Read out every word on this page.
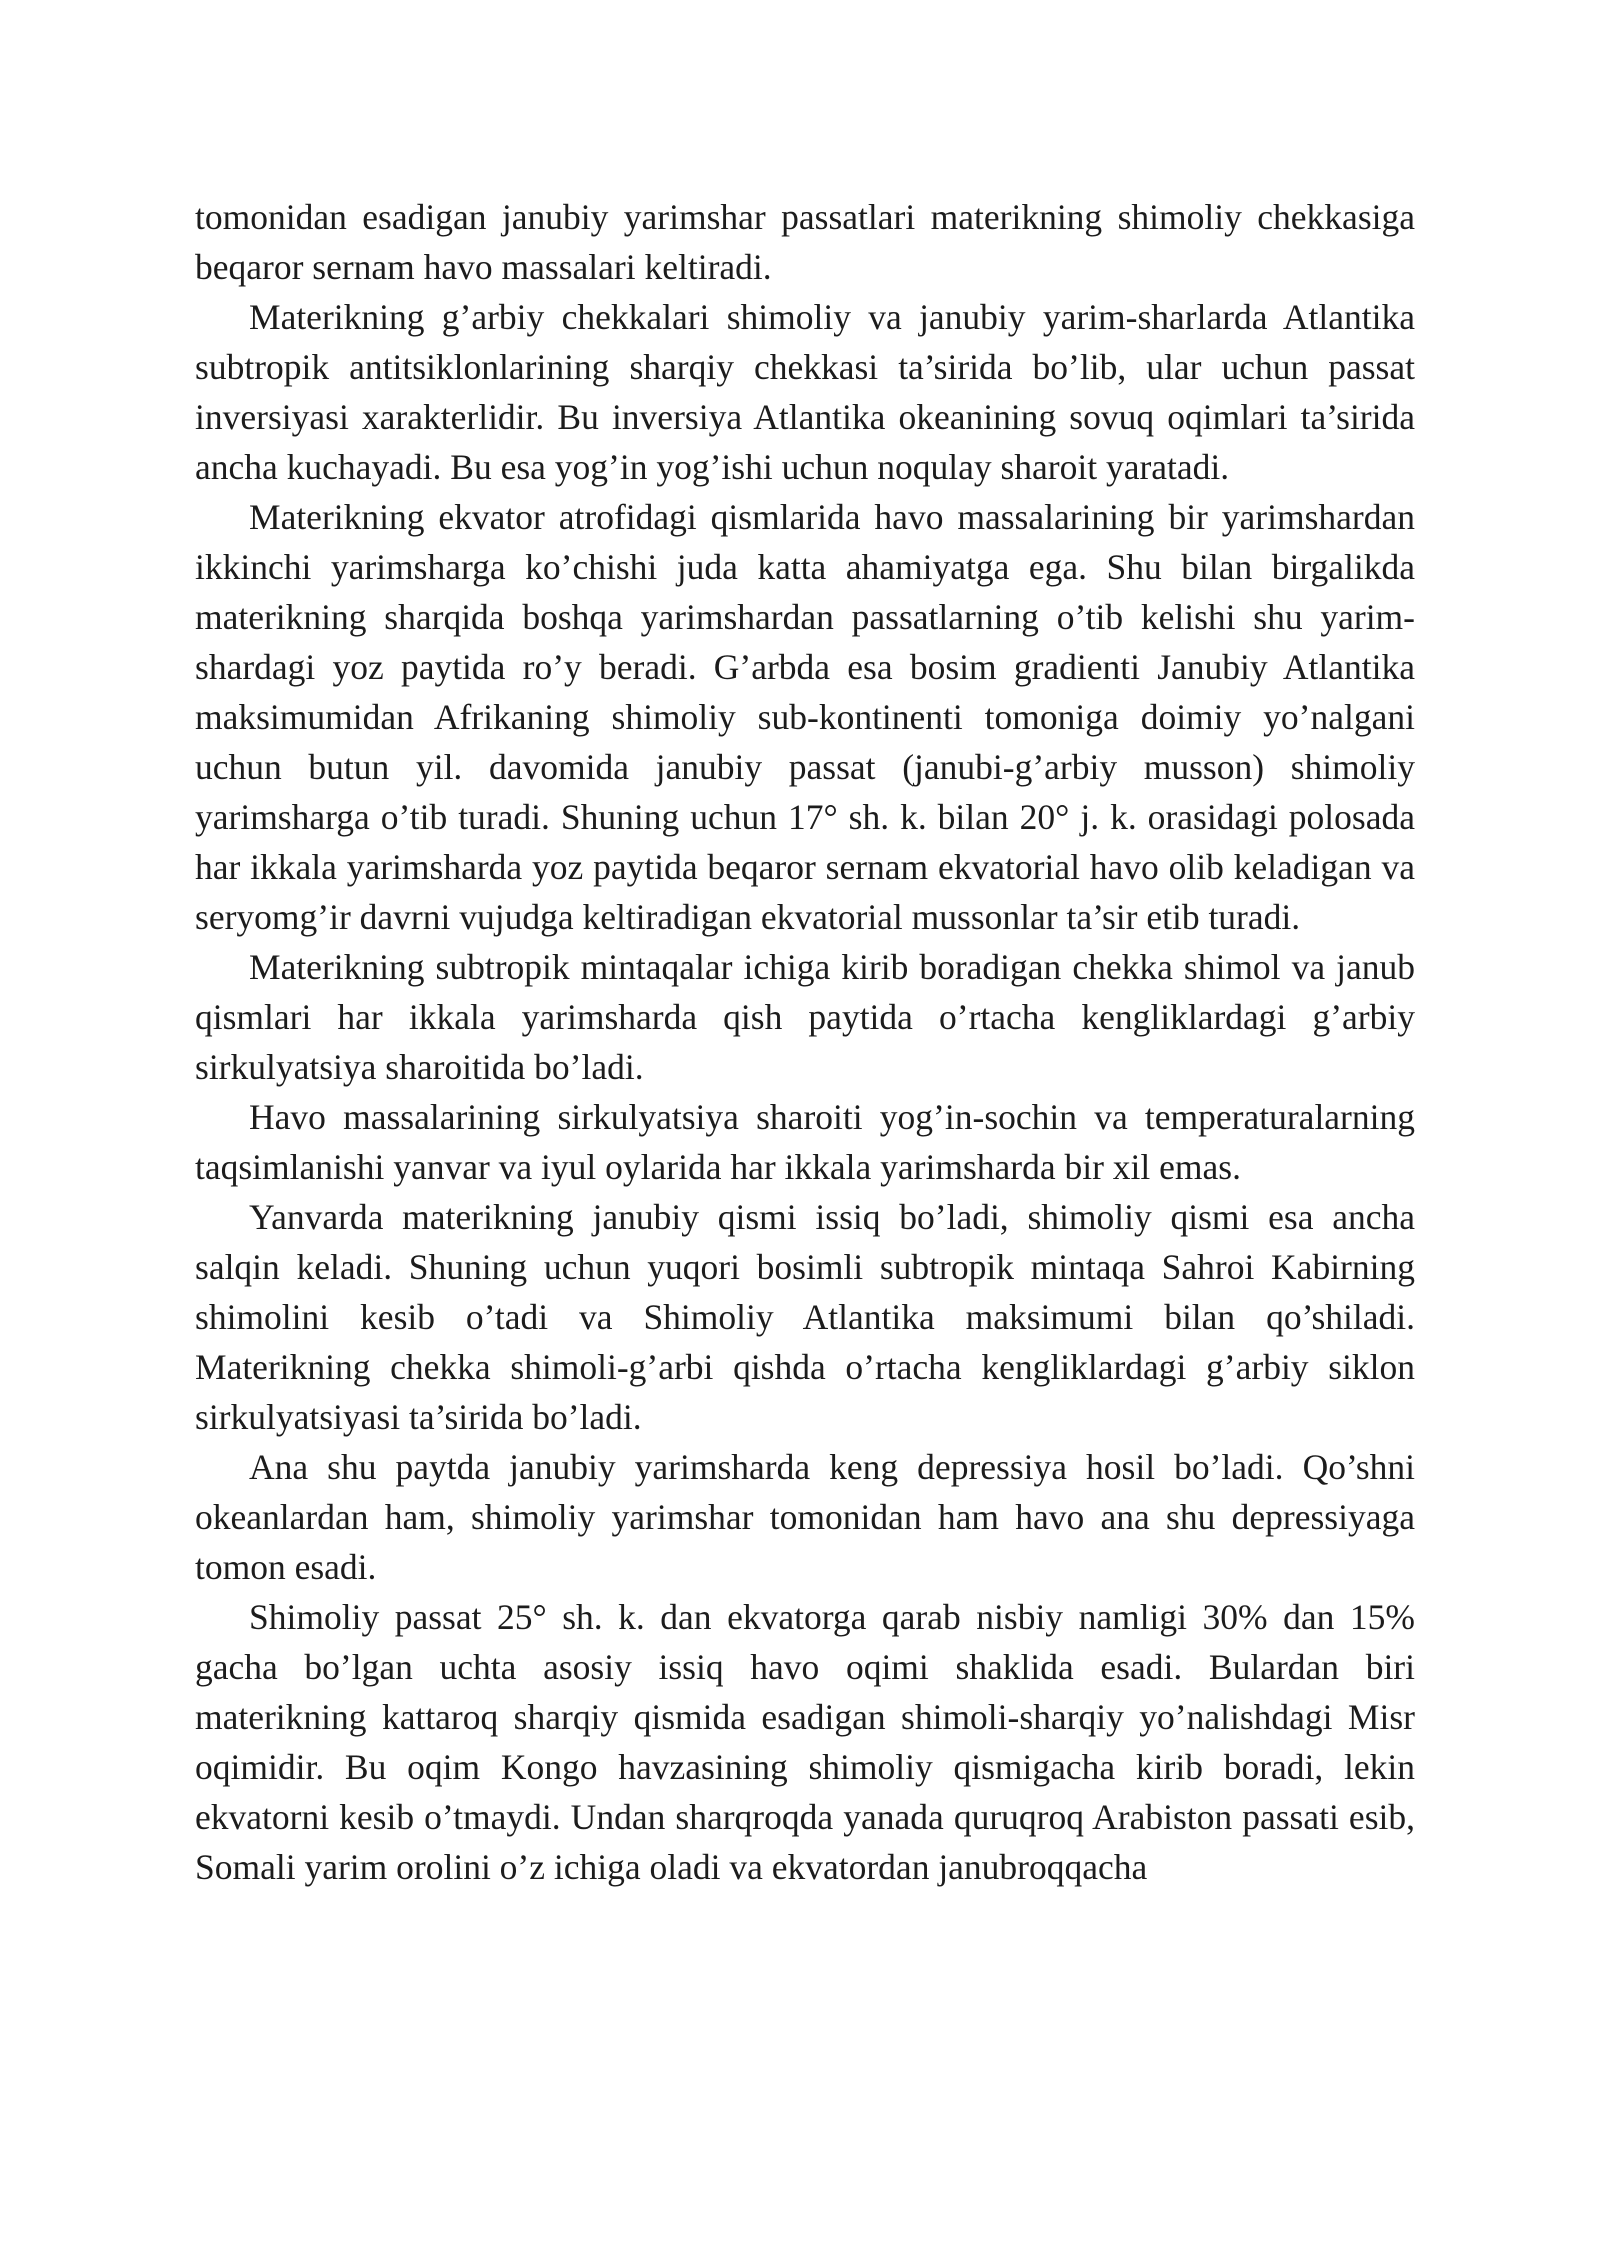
tomonidan esadigan janubiy yarimshar passatlari materikning shimoliy chekkasiga beqaror sernam havo massalari keltiradi.

Materikning g’arbiy chekkalari shimoliy va janubiy yarim-sharlarda Atlantika subtropik antitsiklonlarining sharqiy chekkasi ta’sirida bo’lib, ular uchun passat inversiyasi xarakterlidir. Bu inversiya Atlantika okeanining sovuq oqimlari ta’sirida ancha kuchayadi. Bu esa yog’in yog’ishi uchun noqulay sharoit yaratadi.

Materikning ekvator atrofidagi qismlarida havo massalarining bir yarimshardan ikkinchi yarimsharga ko’chishi juda katta ahamiyatga ega. Shu bilan birgalikda materikning sharqida boshqa yarimshardan passatlarning o’tib kelishi shu yarim-shardagi yoz paytida ro’y beradi. G’arbda esa bosim gradienti Janubiy Atlantika maksimumidan Afrikaning shimoliy sub-kontinenti tomoniga doimiy yo’nalgani uchun butun yil. davomida janubiy passat (janubi-g’arbiy musson) shimoliy yarimsharga o’tib turadi. Shuning uchun 17° sh. k. bilan 20° j. k. orasidagi polosada har ikkala yarimsharda yoz paytida beqaror sernam ekvatorial havo olib keladigan va seryomg’ir davrni vujudga keltiradigan ekvatorial mussonlar ta’sir etib turadi.

Materikning subtropik mintaqalar ichiga kirib boradigan chekka shimol va janub qismlari har ikkala yarimsharda qish paytida o’rtacha kengliklardagi g’arbiy sirkulyatsiya sharoitida bo’ladi.

Havo massalarining sirkulyatsiya sharoiti yog’in-sochin va temperaturalarning taqsimlanishi yanvar va iyul oylarida har ikkala yarimsharda bir xil emas.

Yanvarda materikning janubiy qismi issiq bo’ladi, shimoliy qismi esa ancha salqin keladi. Shuning uchun yuqori bosimli subtropik mintaqa Sahroi Kabirning shimolini kesib o’tadi va Shimoliy Atlantika maksimumi bilan qo’shiladi. Materikning chekka shimoli-g’arbi qishda o’rtacha kengliklardagi g’arbiy siklon sirkulyatsiyasi ta’sirida bo’ladi.

Ana shu paytda janubiy yarimsharda keng depressiya hosil bo’ladi. Qo’shni okeanlardan ham, shimoliy yarimshar tomonidan ham havo ana shu depressiyaga tomon esadi.

Shimoliy passat 25° sh. k. dan ekvatorga qarab nisbiy namligi 30% dan 15% gacha bo’lgan uchta asosiy issiq havo oqimi shaklida esadi. Bulardan biri materikning kattaroq sharqiy qismida esadigan shimoli-sharqiy yo’nalishdagi Misr oqimidir. Bu oqim Kongo havzasining shimoliy qismigacha kirib boradi, lekin ekvatorni kesib o’tmaydi. Undan sharqroqda yanada quruqroq Arabiston passati esib, Somali yarim orolini o’z ichiga oladi va ekvatordan janubroqqacha
